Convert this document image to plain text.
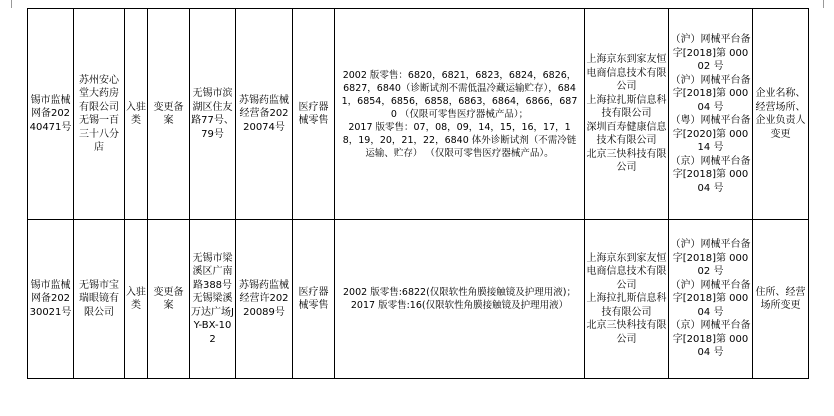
锡市监械网备20240471号	苏州安心堂大药房有限公司无锡一百三十八分店	入驻类	变更备案	无锡市滨湖区住友路77号、79号	苏锡药监械经营备20220074号	医疗器械零售	2002 版零售：6820，6821，6823，6824，6826，6827，6840（诊断试剂不需低温冷藏运输贮存），6841，6854，6856，6858，6863，6864，6866，6870 （仅限可零售医疗器械产品）；
2017 版零售：07，08，09，14，15，16，17，18，19，20，21，22，6840 体外诊断试剂（不需冷链运输、贮存） （仅限可零售医疗器械产品）。	上海京东到家友恒电商信息技术有限公司
上海拉扎斯信息科技有限公司
深圳百寿健康信息技术有限公司
北京三快科技有限公司	（沪）网械平台备字[2018]第 00002 号
（沪）网械平台备字[2018]第 00004 号
（粤）网械平台备字[2020]第 00014 号
（京）网械平台备字[2018]第 00004 号	企业名称、经营场所、企业负责人变更
锡市监械网备20230021号	无锡市宝瑞眼镜有限公司	入驻类	变更备案	无锡市梁溪区广南路388号无锡梁溪万达广场JY-BX-102	苏锡药监械经营许20220089号	医疗器械零售	2002 版零售:6822(仅限软性角膜接触镜及护理用液)；
2017 版零售:16(仅限软性角膜接触镜及护理用液）	上海京东到家友恒电商信息技术有限公司
上海拉扎斯信息科技有限公司
北京三快科技有限公司	（沪）网械平台备字[2018]第 00002 号
（沪）网械平台备字[2018]第 00004 号
（京）网械平台备字[2018]第 00004 号	住所、经营场所变更
